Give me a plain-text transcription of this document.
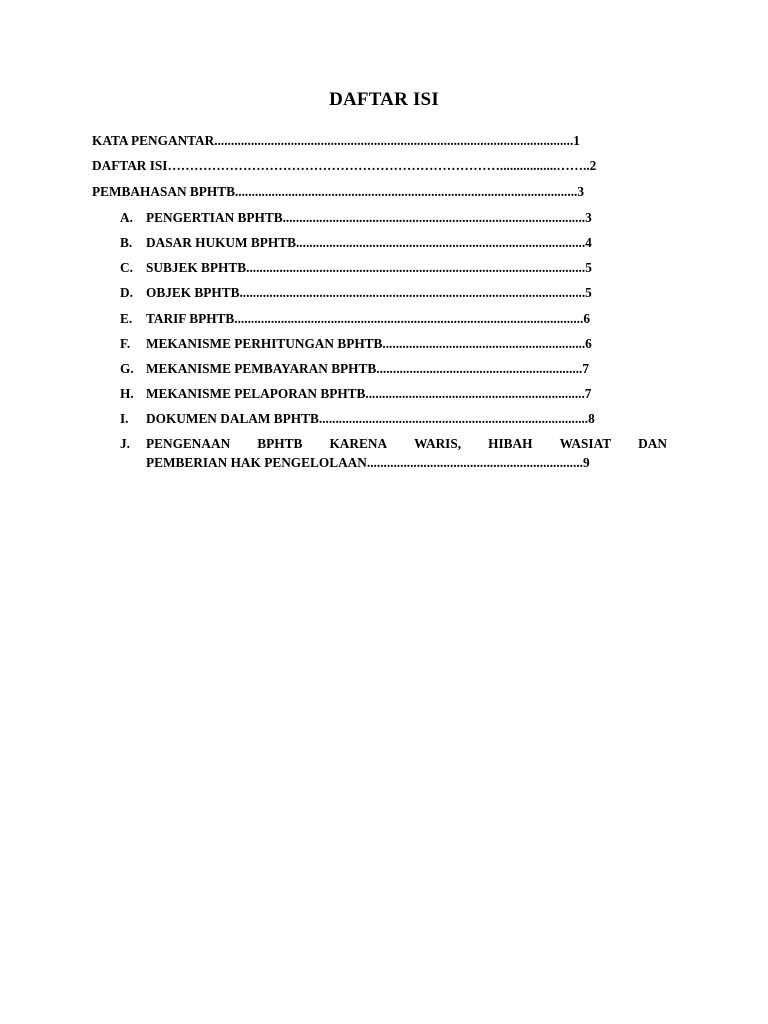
DAFTAR ISI
KATA PENGANTAR............................................................................................................1
DAFTAR ISI………………………………………………………………….................……..2
PEMBAHASAN BPHTB.......................................................................................................3
A. PENGERTIAN BPHTB...........................................................................................3
B. DASAR HUKUM BPHTB.......................................................................................4
C. SUBJEK BPHTB......................................................................................................5
D. OBJEK BPHTB........................................................................................................5
E. TARIF BPHTB.........................................................................................................6
F. MEKANISME PERHITUNGAN BPHTB.............................................................6
G. MEKANISME PEMBAYARAN BPHTB..............................................................7
H. MEKANISME PELAPORAN BPHTB..................................................................7
I. DOKUMEN DALAM BPHTB.................................................................................8
J.	PENGENAAN BPHTB KARENA WARIS, HIBAH WASIAT DAN
PEMBERIAN HAK PENGELOLAAN.................................................................9
